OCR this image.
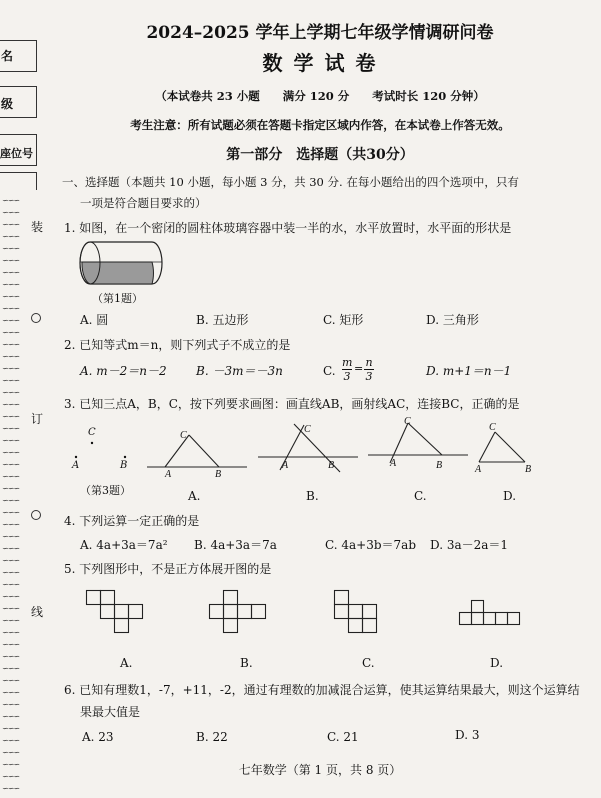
名
级
座位号
∽∽∽
∽∽∽
∽∽∽
∽∽∽
∽∽∽
∽∽∽
∽∽∽
∽∽∽
∽∽∽
∽∽∽
∽∽∽
∽∽∽
∽∽∽
∽∽∽
∽∽∽
∽∽∽
∽∽∽
∽∽∽
∽∽∽
∽∽∽
∽∽∽
∽∽∽
∽∽∽
∽∽∽
∽∽∽
∽∽∽
∽∽∽
∽∽∽
∽∽∽
∽∽∽
∽∽∽
∽∽∽
∽∽∽
∽∽∽
∽∽∽
∽∽∽
∽∽∽
∽∽∽
∽∽∽
∽∽∽
∽∽∽
∽∽∽
∽∽∽
∽∽∽
∽∽∽
∽∽∽
∽∽∽
∽∽∽
∽∽∽
∽∽∽
装
订
线
2024–2025 学年上学期七年级学情调研问卷
数 学 试 卷
（本试卷共 23 小题　　满分 120 分　　考试时长 120 分钟）
考生注意：所有试题必须在答题卡指定区域内作答，在本试卷上作答无效。
第一部分　选择题（共30分）
一、选择题（本题共 10 小题，每小题 3 分，共 30 分. 在每小题给出的四个选项中，只有
一项是符合题目要求的）
1. 如图，在一个密闭的圆柱体玻璃容器中装一半的水，水平放置时，水平面的形状是
（第1题）
A. 圆	B. 五边形	C. 矩形	D. 三角形
2. 已知等式m＝n，则下列式子不成立的是
A. m－2＝n－2 B. －3m＝－3n	C.
m
3
= n
3	D. m+1＝n－1
3. 已知三点A，B，C，按下列要求画图：画直线AB，画射线AC，连接BC，正确的是
C
A	B
（第3题）
A	B
C
A.
A	B
C
B.
A	B
C
C.
A	B
C
D.
4. 下列运算一定正确的是
A. 4a+3a＝7a² B. 4a+3a＝7a	C. 4a+3b＝7ab D. 3a－2a＝1
5. 下列图形中，不是正方体展开图的是
A.	B.	C.	D.
6. 已知有理数1，-7，+11，-2，通过有理数的加减混合运算，使其运算结果最大，则这个运算结
果最大值是
A. 23	B. 22	C. 21	D. 3
七年数学（第 1 页，共 8 页）
